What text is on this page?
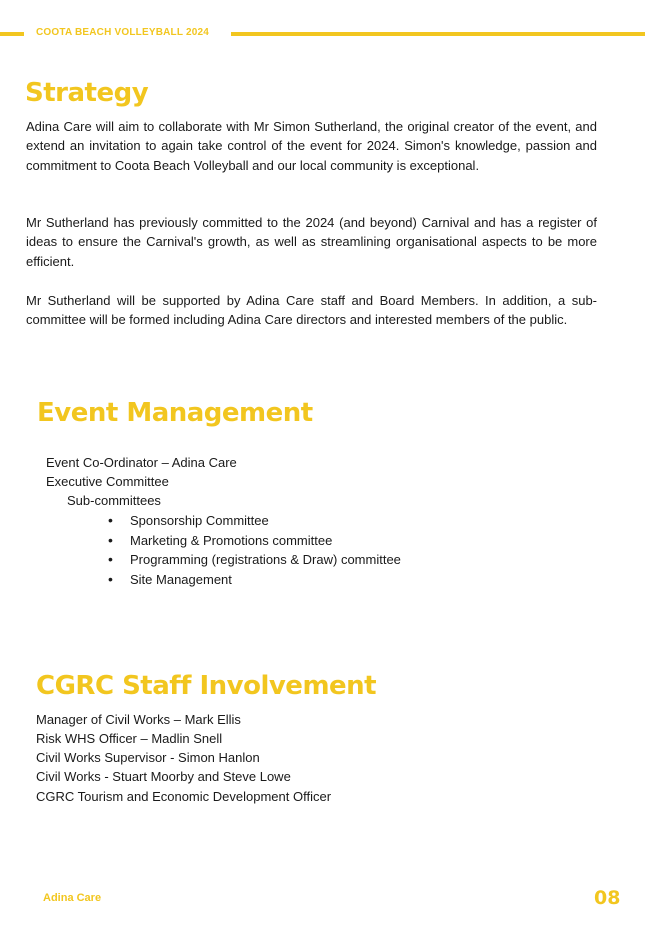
COOTA BEACH VOLLEYBALL 2024
Strategy

Adina Care will aim to collaborate with Mr Simon Sutherland, the original creator of the event, and extend an invitation to again take control of the event for 2024. Simon's knowledge, passion and commitment to Coota Beach Volleyball and our local community is exceptional.

Mr Sutherland has previously committed to the 2024 (and beyond) Carnival and has a register of ideas to ensure the Carnival's growth, as well as streamlining organisational aspects to be more efficient.

Mr Sutherland will be supported by Adina Care staff and Board Members. In addition, a sub-committee will be formed including Adina Care directors and interested members of the public.

Event Management
Event Co-Ordinator – Adina Care
Executive Committee
Sub-committees
• Sponsorship Committee
• Marketing & Promotions committee
• Programming (registrations & Draw) committee
• Site Management
CGRC Staff Involvement
Manager of Civil Works – Mark Ellis
Risk WHS Officer – Madlin Snell
Civil Works Supervisor - Simon Hanlon
Civil Works - Stuart Moorby and Steve Lowe
CGRC Tourism and Economic Development Officer
Adina Care	08
